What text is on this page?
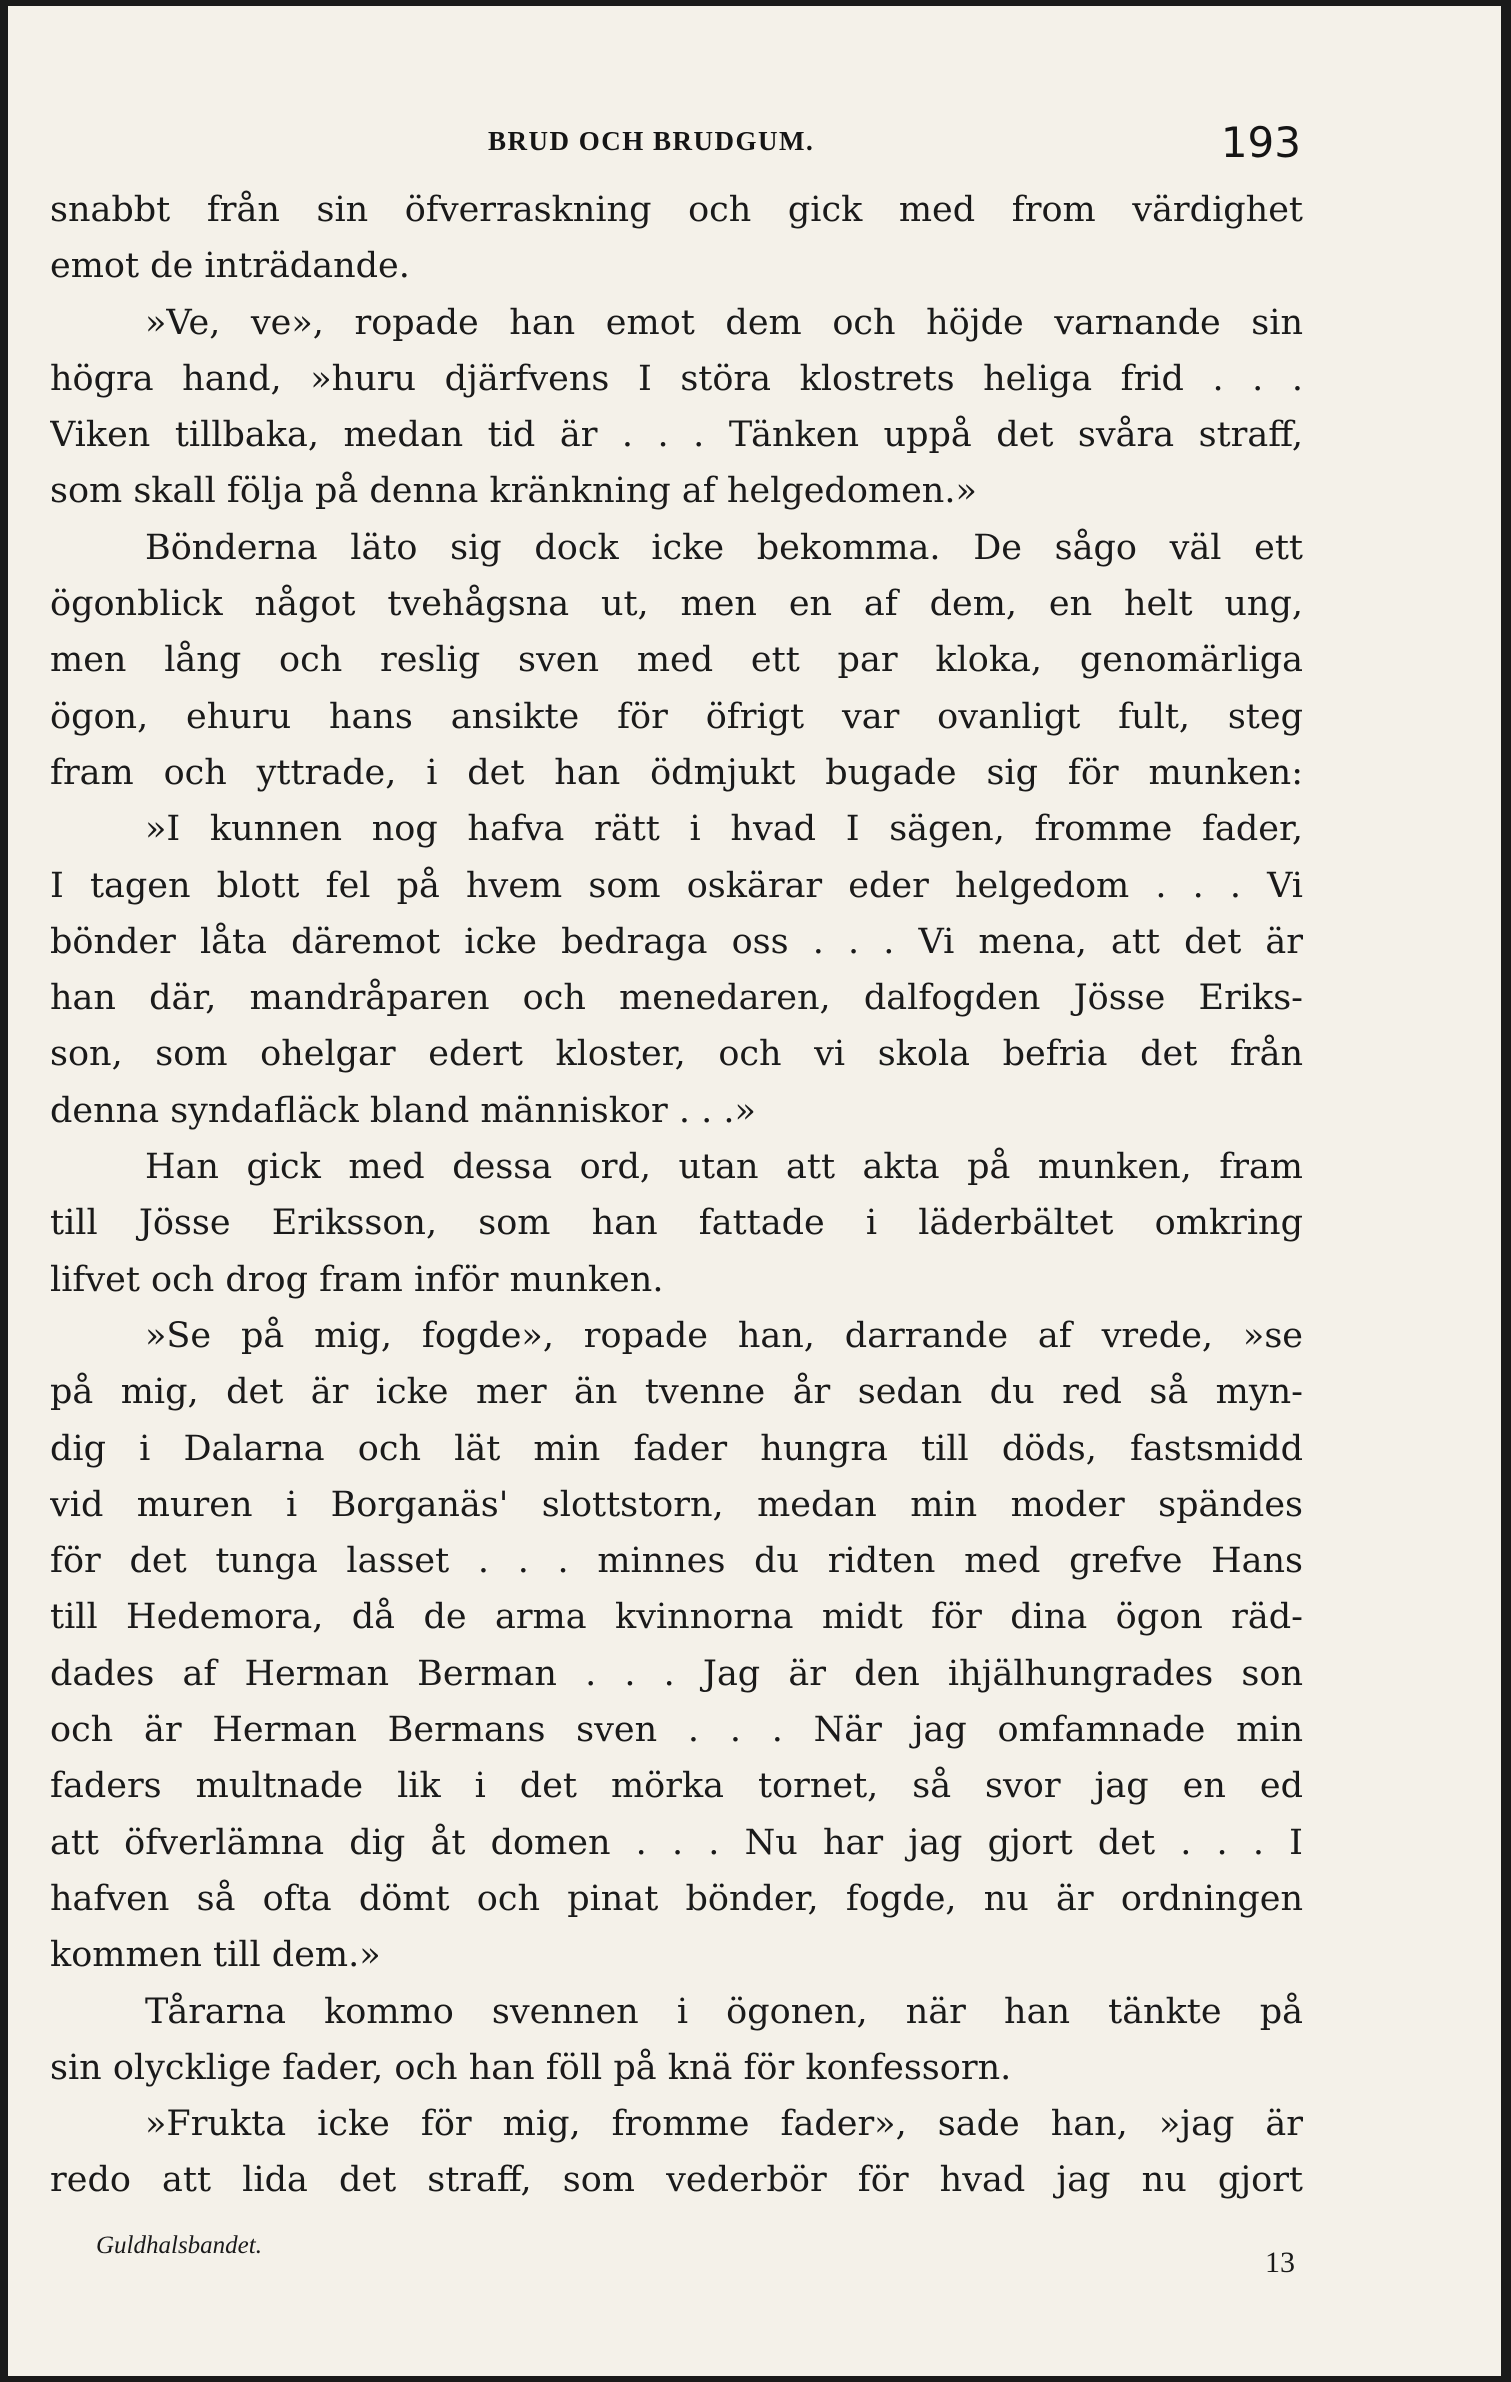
BRUD OCH BRUDGUM.	193
snabbt från sin öfverraskning och gick med from värdighet
emot de inträdande.
»Ve, ve», ropade han emot dem och höjde varnande sin
högra hand, »huru djärfvens I störa klostrets heliga frid . . .
Viken tillbaka, medan tid är . . . Tänken uppå det svåra straff,
som skall följa på denna kränkning af helgedomen.»
Bönderna läto sig dock icke bekomma. De sågo väl ett
ögonblick något tvehågsna ut, men en af dem, en helt ung,
men lång och reslig sven med ett par kloka, genomärliga
ögon, ehuru hans ansikte för öfrigt var ovanligt fult, steg
fram och yttrade, i det han ödmjukt bugade sig för munken:
»I kunnen nog hafva rätt i hvad I sägen, fromme fader,
I tagen blott fel på hvem som oskärar eder helgedom . . . Vi
bönder låta däremot icke bedraga oss . . . Vi mena, att det är
han där, mandråparen och menedaren, dalfogden Jösse Eriks-
son, som ohelgar edert kloster, och vi skola befria det från
denna syndafläck bland människor . . .»
Han gick med dessa ord, utan att akta på munken, fram
till Jösse Eriksson, som han fattade i läderbältet omkring
lifvet och drog fram inför munken.
»Se på mig, fogde», ropade han, darrande af vrede, »se
på mig, det är icke mer än tvenne år sedan du red så myn-
dig i Dalarna och lät min fader hungra till döds, fastsmidd
vid muren i Borganäs' slottstorn, medan min moder spändes
för det tunga lasset . . . minnes du ridten med grefve Hans
till Hedemora, då de arma kvinnorna midt för dina ögon räd-
dades af Herman Berman . . . Jag är den ihjälhungrades son
och är Herman Bermans sven . . . När jag omfamnade min
faders multnade lik i det mörka tornet, så svor jag en ed
att öfverlämna dig åt domen . . . Nu har jag gjort det . . . I
hafven så ofta dömt och pinat bönder, fogde, nu är ordningen
kommen till dem.»
Tårarna kommo svennen i ögonen, när han tänkte på
sin olycklige fader, och han föll på knä för konfessorn.
»Frukta icke för mig, fromme fader», sade han, »jag är
redo att lida det straff, som vederbör för hvad jag nu gjort
Guldhalsbandet.
13
